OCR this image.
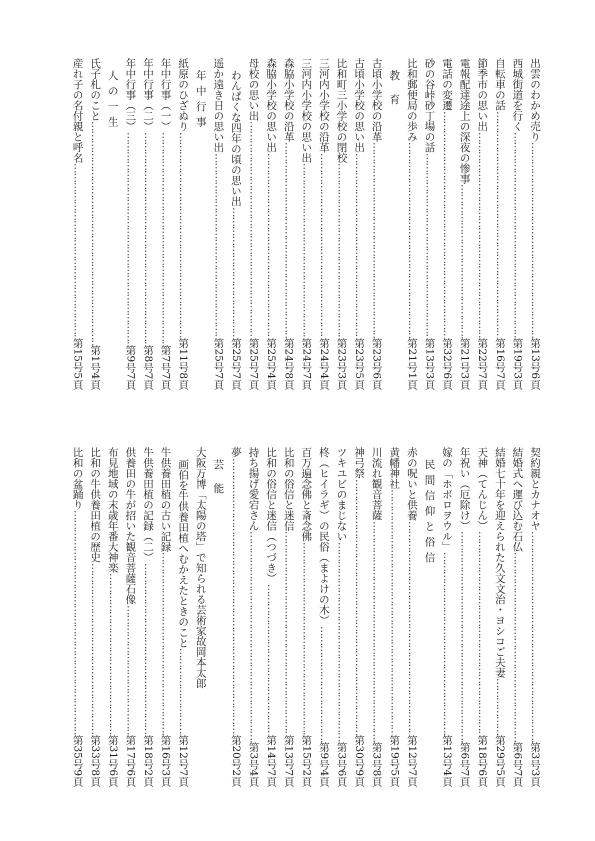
出雲のわかめ売り
………………………………………………………………………………………………………………………………
第13号6頁
西城街道を行く
………………………………………………………………………………………………………………………………
第19号3頁
自転車の話
………………………………………………………………………………………………………………………………
第16号7頁
節季市の思い出
………………………………………………………………………………………………………………………………
第22号7頁
電報配達途上の深夜の惨事
………………………………………………………………………………………………………………………………
第21号3頁
電話の変遷
………………………………………………………………………………………………………………………………
第32号6頁
砂の谷峠砂丁場の話
………………………………………………………………………………………………………………………………
第13号3頁
比和郵便局の歩み
………………………………………………………………………………………………………………………………
第21号1頁
教 育
古頃小学校の沿革
………………………………………………………………………………………………………………………………
第23号6頁
古頃小学校の思い出
………………………………………………………………………………………………………………………………
第23号5頁
比和町三小学校の閉校
………………………………………………………………………………………………………………………………
第23号3頁
三河内小学校の沿革
………………………………………………………………………………………………………………………………
第24号4頁
三河内小学校の思い出
………………………………………………………………………………………………………………………………
第24号7頁
森脇小学校の沿革
………………………………………………………………………………………………………………………………
第24号8頁
森脇小学校の思い出
………………………………………………………………………………………………………………………………
第25号4頁
母校の思い出
………………………………………………………………………………………………………………………………
第25号7頁
わんぱくな四年の頃の思い出
………………………………………………………………………………………………………………………………
第25号7頁
遥か遠き日の思い出
………………………………………………………………………………………………………………………………
第25号7頁
年中行事
紙原のひざぬり
………………………………………………………………………………………………………………………………
第11号8頁
年中行事（一）
………………………………………………………………………………………………………………………………
第7号7頁
年中行事（二）
………………………………………………………………………………………………………………………………
第8号7頁
年中行事（三）
………………………………………………………………………………………………………………………………
第9号7頁
人の一生
氏子札のこと
………………………………………………………………………………………………………………………………
第1号4頁
産れ子の名付親と呼名
………………………………………………………………………………………………………………………………
第15号5頁
契約親とカナオヤ
………………………………………………………………………………………………………………………………
第3号3頁
結婚式へ運び込む石仏
………………………………………………………………………………………………………………………………
第6号7頁
結婚七十年を迎えられた久文文治・ヨシコご夫妻
………………………………………………………………………………………………………………………………
第29号5頁
天神（てんじん）
………………………………………………………………………………………………………………………………
第18号6頁
年祝い（厄除け）
………………………………………………………………………………………………………………………………
第6号7頁
嫁の「ホボロヲウル」
………………………………………………………………………………………………………………………………
第13号4頁
民間信仰と俗信
赤の呪いと供養
………………………………………………………………………………………………………………………………
第12号7頁
黄幡神社
………………………………………………………………………………………………………………………………
第19号5頁
川流れ観音菩薩
………………………………………………………………………………………………………………………………
第3号8頁
神弓祭
………………………………………………………………………………………………………………………………
第30号9頁
ツキユビのまじない
………………………………………………………………………………………………………………………………
第3号6頁
柊（ヒイラギ）の民俗（まよけの木）
………………………………………………………………………………………………………………………………
第9号4頁
百万遍念佛と斎念佛
………………………………………………………………………………………………………………………………
第15号2頁
比和の俗信と迷信
………………………………………………………………………………………………………………………………
第13号7頁
比和の俗信と迷信（つづき）
………………………………………………………………………………………………………………………………
第14号7頁
持ち揚げ愛宕さん
………………………………………………………………………………………………………………………………
第3号4頁
夢
………………………………………………………………………………………………………………………………
第20号2頁
芸 能
大阪万博「太陽の塔」で知られる芸術家故岡本太郎
画伯を牛供養田植へむかえたときのこと
………………………………………………………………………………………………………………………………
第12号7頁
牛供養田植の古い記録
………………………………………………………………………………………………………………………………
第16号3頁
牛供養田植の記録（二）
………………………………………………………………………………………………………………………………
第18号2頁
供養田の牛が招いた観音菩薩石像
………………………………………………………………………………………………………………………………
第17号6頁
布見地域の末歳年番大神楽
………………………………………………………………………………………………………………………………
第31号6頁
比和の牛供養田植の歴史
………………………………………………………………………………………………………………………………
第33号8頁
比和の盆踊り
………………………………………………………………………………………………………………………………
第35号9頁
